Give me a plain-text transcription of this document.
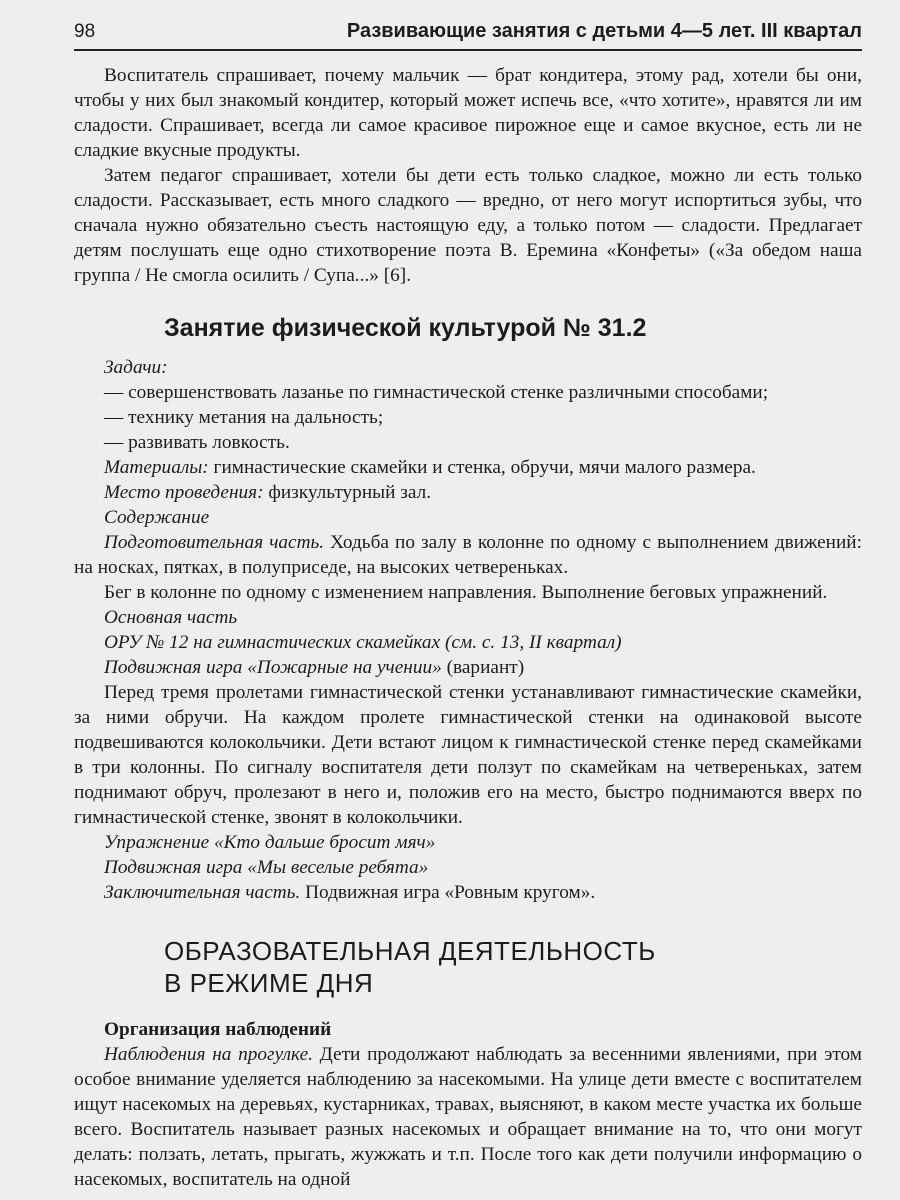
98	Развивающие занятия с детьми 4—5 лет. III квартал

Воспитатель спрашивает, почему мальчик — брат кондитера, этому рад, хотели бы они, чтобы у них был знакомый кондитер, который может испечь все, «что хотите», нравятся ли им сладости. Спрашивает, всегда ли самое красивое пирожное еще и самое вкусное, есть ли не сладкие вкусные продукты.

Затем педагог спрашивает, хотели бы дети есть только сладкое, можно ли есть только сладости. Рассказывает, есть много сладкого — вредно, от него могут испортиться зубы, что сначала нужно обязательно съесть настоящую еду, а только потом — сладости. Предлагает детям послушать еще одно стихотворение поэта В. Еремина «Конфеты» («За обедом наша группа / Не смогла осилить / Супа...» [6].

Занятие физической культурой № 31.2

Задачи:

— совершенствовать лазанье по гимнастической стенке различными способами;

— технику метания на дальность;

— развивать ловкость.

Материалы: гимнастические скамейки и стенка, обручи, мячи малого размера.

Место проведения: физкультурный зал.

Содержание

Подготовительная часть. Ходьба по залу в колонне по одному с выполнением движений: на носках, пятках, в полуприседе, на высоких четвереньках.

Бег в колонне по одному с изменением направления. Выполнение беговых упражнений.

Основная часть

ОРУ № 12 на гимнастических скамейках (см. с. 13, II квартал)

Подвижная игра «Пожарные на учении» (вариант)

Перед тремя пролетами гимнастической стенки устанавливают гимнастические скамейки, за ними обручи. На каждом пролете гимнастической стенки на одинаковой высоте подвешиваются колокольчики. Дети встают лицом к гимнастической стенке перед скамейками в три колонны. По сигналу воспитателя дети ползут по скамейкам на четвереньках, затем поднимают обруч, пролезают в него и, положив его на место, быстро поднимаются вверх по гимнастической стенке, звонят в колокольчики.

Упражнение «Кто дальше бросит мяч»

Подвижная игра «Мы веселые ребята»

Заключительная часть. Подвижная игра «Ровным кругом».

ОБРАЗОВАТЕЛЬНАЯ ДЕЯТЕЛЬНОСТЬ
В РЕЖИМЕ ДНЯ

Организация наблюдений

Наблюдения на прогулке. Дети продолжают наблюдать за весенними явлениями, при этом особое внимание уделяется наблюдению за насекомыми. На улице дети вместе с воспитателем ищут насекомых на деревьях, кустарниках, травах, выясняют, в каком месте участка их больше всего. Воспитатель называет разных насекомых и обращает внимание на то, что они могут делать: ползать, летать, прыгать, жужжать и т.п. После того как дети получили информацию о насекомых, воспитатель на одной
